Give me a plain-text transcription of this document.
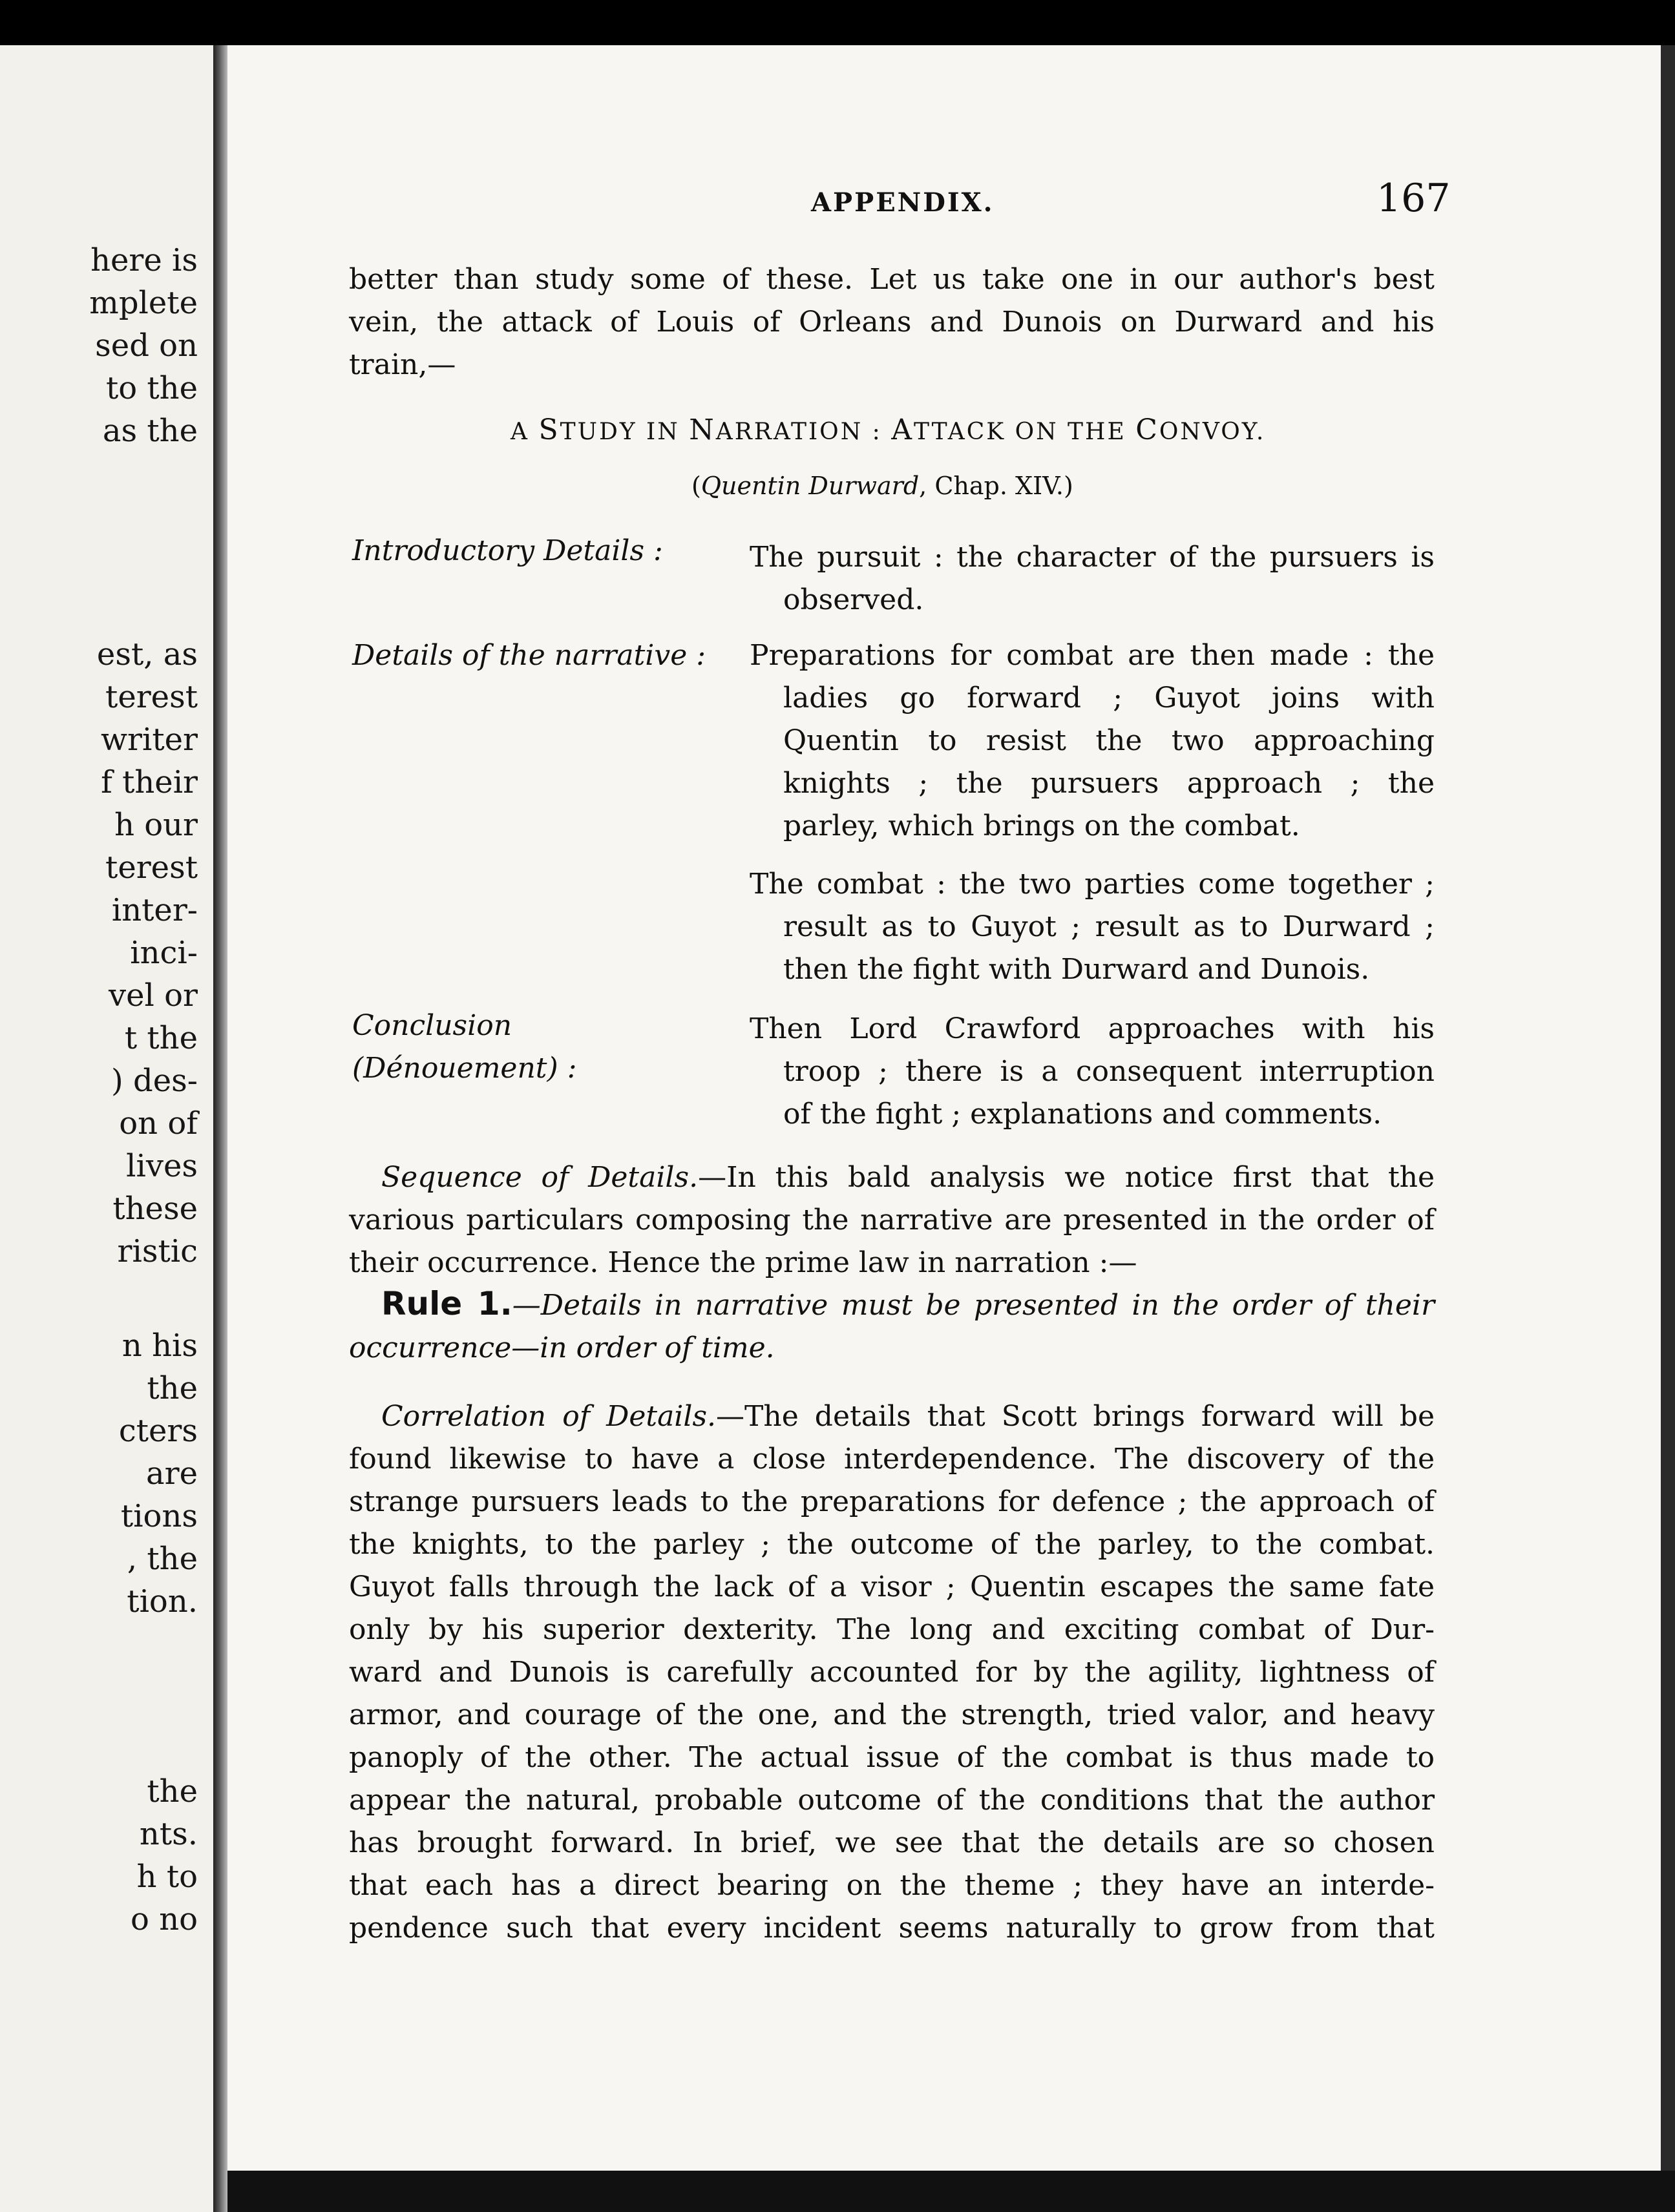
here is
mplete
sed on
to the
as the
est, as
terest
writer
f their
h our
terest
inter-
inci-
vel or
t the
) des-
on of
lives
these
ristic
n his
the
cters
are
tions
, the
tion.
the
nts.
h to
o no
APPENDIX.	167
better than study some of these. Let us take one in our author's best
vein, the attack of Louis of Orleans and Dunois on Durward and his
train,—
A STUDY IN NARRATION : ATTACK ON THE CONVOY.
(Quentin Durward, Chap. XIV.)
Introductory Details :	The pursuit : the character of the pursuers is
observed.
Details of the narrative : Preparations for combat are then made : the
ladies go forward ; Guyot joins with
Quentin to resist the two approaching
knights ; the pursuers approach ; the
parley, which brings on the combat.
The combat : the two parties come together ;
result as to Guyot ; result as to Durward ;
then the fight with Durward and Dunois.
Conclusion
(Dénouement) :
Then Lord Crawford approaches with his
troop ; there is a consequent interruption
of the fight ; explanations and comments.
Sequence of Details.—In this bald analysis we notice first that the
various particulars composing the narrative are presented in the order of
their occurrence. Hence the prime law in narration :—
Rule 1.—Details in narrative must be presented in the order of their
occurrence—in order of time.
Correlation of Details.—The details that Scott brings forward will be
found likewise to have a close interdependence. The discovery of the
strange pursuers leads to the preparations for defence ; the approach of
the knights, to the parley ; the outcome of the parley, to the combat.
Guyot falls through the lack of a visor ; Quentin escapes the same fate
only by his superior dexterity. The long and exciting combat of Dur-
ward and Dunois is carefully accounted for by the agility, lightness of
armor, and courage of the one, and the strength, tried valor, and heavy
panoply of the other. The actual issue of the combat is thus made to
appear the natural, probable outcome of the conditions that the author
has brought forward. In brief, we see that the details are so chosen
that each has a direct bearing on the theme ; they have an interde-
pendence such that every incident seems naturally to grow from that
